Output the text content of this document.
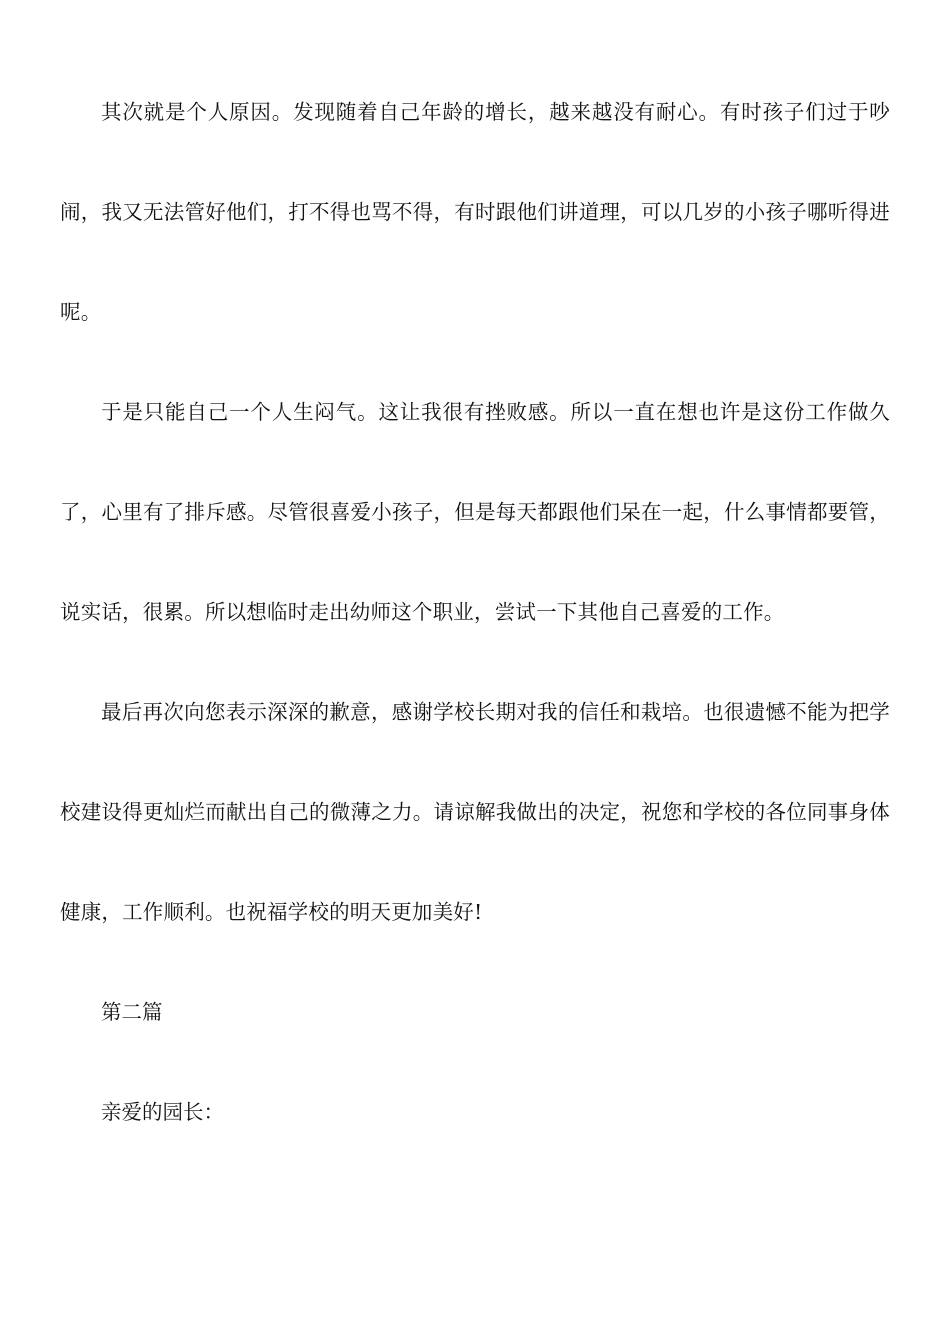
其次就是个人原因。发现随着自己年龄的增长，越来越没有耐心。有时孩子们过于吵闹，我又无法管好他们，打不得也骂不得，有时跟他们讲道理，可以几岁的小孩子哪听得进呢。

于是只能自己一个人生闷气。这让我很有挫败感。所以一直在想也许是这份工作做久了，心里有了排斥感。尽管很喜爱小孩子，但是每天都跟他们呆在一起，什么事情都要管，说实话，很累。所以想临时走出幼师这个职业，尝试一下其他自己喜爱的工作。

最后再次向您表示深深的歉意，感谢学校长期对我的信任和栽培。也很遗憾不能为把学校建设得更灿烂而献出自己的微薄之力。请谅解我做出的决定，祝您和学校的各位同事身体健康，工作顺利。也祝福学校的明天更加美好!

第二篇

亲爱的园长：
